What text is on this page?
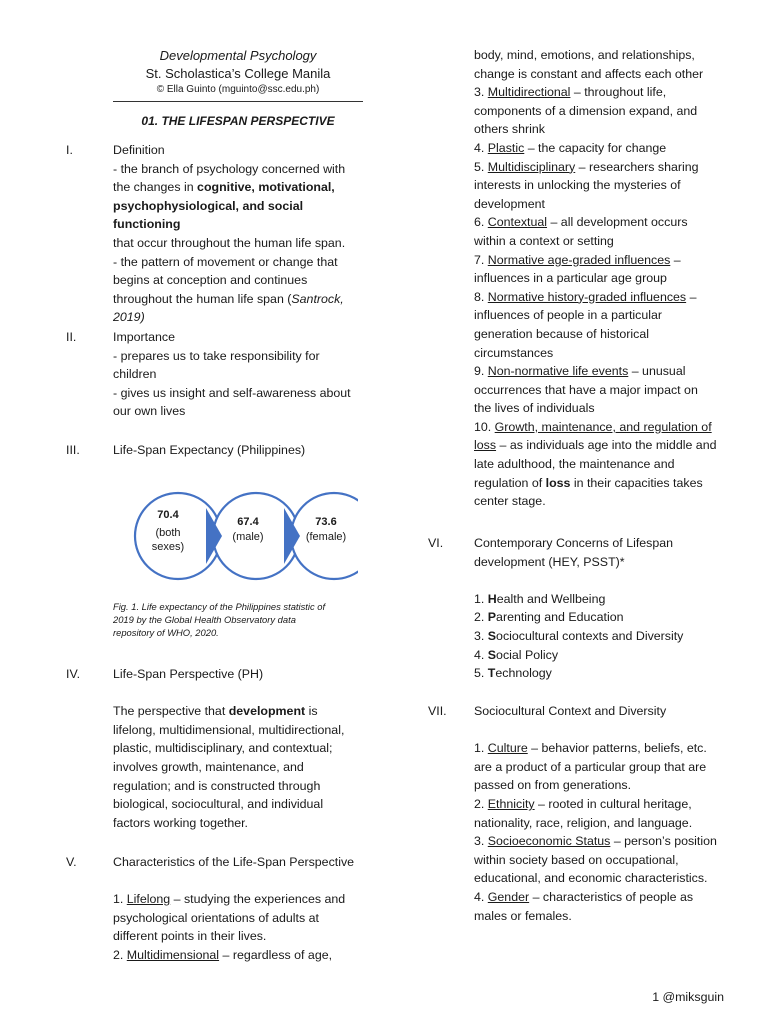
Developmental Psychology
St. Scholastica’s College Manila
© Ella Guinto (mguinto@ssc.edu.ph)
01. THE LIFESPAN PERSPECTIVE
I.	Definition

- the branch of psychology concerned with

the changes in cognitive, motivational,

psychophysiological, and social functioning

that occur throughout the human life span.

- the pattern of movement or change that

begins at conception and continues

throughout the human life span (Santrock,

2019)

II.	Importance

- prepares us to take responsibility for

children

- gives us insight and self-awareness about

our own lives

III.	Life-Span Expectancy (Philippines)

70.4
(both
sexes)
67.4
(male)
73.6
(female)
Fig. 1. Life expectancy of the Philippines statistic of
2019 by the Global Health Observatory data
repository of WHO, 2020.
IV.	Life-Span Perspective (PH)

The perspective that development is

lifelong, multidimensional, multidirectional,

plastic, multidisciplinary, and contextual;

involves growth, maintenance, and

regulation; and is constructed through

biological, sociocultural, and individual

factors working together.

V.	Characteristics of the Life-Span Perspective

1. Lifelong – studying the experiences and

psychological orientations of adults at

different points in their lives.

2. Multidimensional – regardless of age,

body, mind, emotions, and relationships,

change is constant and affects each other

3. Multidirectional – throughout life,

components of a dimension expand, and

others shrink

4. Plastic – the capacity for change

5. Multidisciplinary – researchers sharing

interests in unlocking the mysteries of

development

6. Contextual – all development occurs

within a context or setting

7. Normative age-graded influences –

influences in a particular age group

8. Normative history-graded influences –

influences of people in a particular

generation because of historical

circumstances

9. Non-normative life events – unusual

occurrences that have a major impact on

the lives of individuals

10. Growth, maintenance, and regulation of

loss – as individuals age into the middle and

late adulthood, the maintenance and

regulation of loss in their capacities takes

center stage.

VI. Contemporary Concerns of Lifespan

development (HEY, PSST)*

1. Health and Wellbeing

2. Parenting and Education

3. Sociocultural contexts and Diversity

4. Social Policy

5. Technology

VII. Sociocultural Context and Diversity

1. Culture – behavior patterns, beliefs, etc.

are a product of a particular group that are

passed on from generations.

2. Ethnicity – rooted in cultural heritage,

nationality, race, religion, and language.

3. Socioeconomic Status – person’s position

within society based on occupational,

educational, and economic characteristics.

4. Gender – characteristics of people as

males or females.

1 @miksguin
